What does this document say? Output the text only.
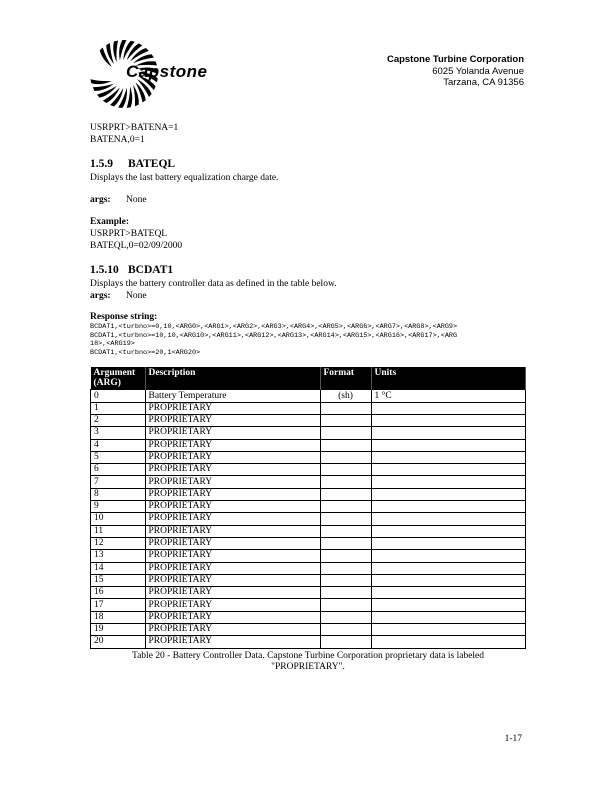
Capstone
Capstone Turbine Corporation
6025 Yolanda Avenue
Tarzana, CA 91356
USRPRT>BATENA=1
BATENA,0=1
1.5.9 BATEQL
Displays the last battery equalization charge date.
args: None
Example:
USRPRT>BATEQL
BATEQL,0=02/09/2000
1.5.10 BCDAT1
Displays the battery controller data as defined in the table below.
args: None
Response string:
BCDAT1,<turbno>=0,10,<ARG0>,<ARG1>,<ARG2>,<ARG3>,<ARG4>,<ARG5>,<ARG6>,<ARG7>,<ARG8>,<ARG9>
BCDAT1,<turbno>=10,10,<ARG10>,<ARG11>,<ARG12>,<ARG13>,<ARG14>,<ARG15>,<ARG16>,<ARG17>,<ARG
18>,<ARG19>
BCDAT1,<turbno>=20,1<ARG20>
Argument (ARG)	Description	Format	Units
0	Battery Temperature	(sh)	1 °C
1	PROPRIETARY		
2	PROPRIETARY		
3	PROPRIETARY		
4	PROPRIETARY		
5	PROPRIETARY		
6	PROPRIETARY		
7	PROPRIETARY		
8	PROPRIETARY		
9	PROPRIETARY		
10	PROPRIETARY		
11	PROPRIETARY		
12	PROPRIETARY		
13	PROPRIETARY		
14	PROPRIETARY		
15	PROPRIETARY		
16	PROPRIETARY		
17	PROPRIETARY		
18	PROPRIETARY		
19	PROPRIETARY		
20	PROPRIETARY		
Table 20 - Battery Controller Data. Capstone Turbine Corporation proprietary data is labeled
"PROPRIETARY".
1-17
